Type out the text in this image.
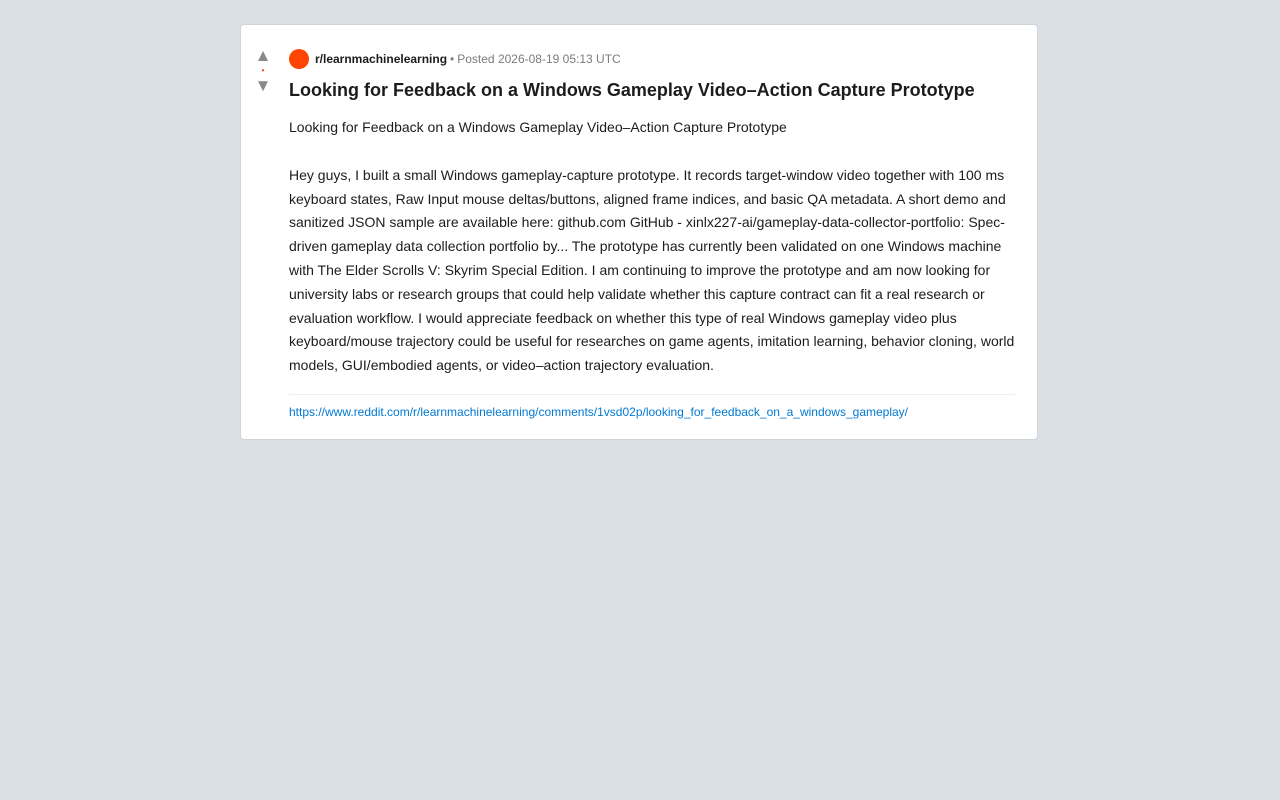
▲
•
▼
r/learnmachinelearning • Posted 2026-08-19 05:13 UTC
Looking for Feedback on a Windows Gameplay Video–Action Capture Prototype

Looking for Feedback on a Windows Gameplay Video–Action Capture Prototype

Hey guys, I built a small Windows gameplay-capture prototype. It records target-window video together with 100 ms keyboard states, Raw Input mouse deltas/buttons, aligned frame indices, and basic QA metadata. A short demo and sanitized JSON sample are available here: github.com GitHub - xinlx227-ai/gameplay-data-collector-portfolio: Spec-driven gameplay data collection portfolio by... The prototype has currently been validated on one Windows machine with The Elder Scrolls V: Skyrim Special Edition. I am continuing to improve the prototype and am now looking for university labs or research groups that could help validate whether this capture contract can fit a real research or evaluation workflow. I would appreciate feedback on whether this type of real Windows gameplay video plus keyboard/mouse trajectory could be useful for researches on game agents, imitation learning, behavior cloning, world models, GUI/embodied agents, or video–action trajectory evaluation.

https://www.reddit.com/r/learnmachinelearning/comments/1vsd02p/looking_for_feedback_on_a_windows_gameplay/
